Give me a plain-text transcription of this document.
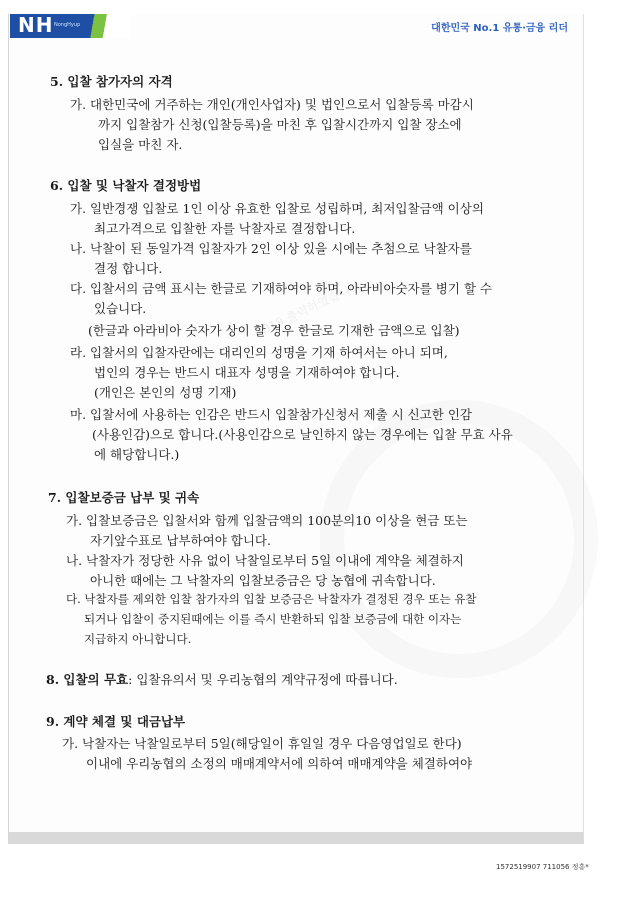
NH NongHyup	대한민국 No.1 유통·금융 리더
2019 출력하였습니다
5. 입찰 참가자의 자격
가. 대한민국에 거주하는 개인(개인사업자) 및 법인으로서 입찰등록 마감시
까지 입찰참가 신청(입찰등록)을 마친 후 입찰시간까지 입찰 장소에
입실을 마친 자.
6. 입찰 및 낙찰자 결정방법
가. 일반경쟁 입찰로 1인 이상 유효한 입찰로 성립하며, 최저입찰금액 이상의
최고가격으로 입찰한 자를 낙찰자로 결정합니다.
나. 낙찰이 된 동일가격 입찰자가 2인 이상 있을 시에는 추첨으로 낙찰자를
결정 합니다.
다. 입찰서의 금액 표시는 한글로 기재하여야 하며, 아라비아숫자를 병기 할 수
있습니다.
(한글과 아라비아 숫자가 상이 할 경우 한글로 기재한 금액으로 입찰)
라. 입찰서의 입찰자란에는 대리인의 성명을 기재 하여서는 아니 되며,
법인의 경우는 반드시 대표자 성명을 기재하여야 합니다.
(개인은 본인의 성명 기재)
마. 입찰서에 사용하는 인감은 반드시 입찰참가신청서 제출 시 신고한 인감
(사용인감)으로 합니다.(사용인감으로 날인하지 않는 경우에는 입찰 무효 사유
에 해당합니다.)
7. 입찰보증금 납부 및 귀속
가. 입찰보증금은 입찰서와 함께 입찰금액의 100분의10 이상을 현금 또는
자기앞수표로 납부하여야 합니다.
나. 낙찰자가 정당한 사유 없이 낙찰일로부터 5일 이내에 계약을 체결하지
아니한 때에는 그 낙찰자의 입찰보증금은 당 농협에 귀속합니다.
다. 낙찰자를 제외한 입찰 참가자의 입찰 보증금은 낙찰자가 결정된 경우 또는 유찰
되거나 입찰이 중지된때에는 이를 즉시 반환하되 입찰 보증금에 대한 이자는
지급하지 아니합니다.
8. 입찰의 무효: 입찰유의서 및 우리농협의 계약규정에 따릅니다.
9. 계약 체결 및 대금납부
가. 낙찰자는 낙찰일로부터 5일(해당일이 휴일일 경우 다음영업일로 한다)
이내에 우리농협의 소정의 매매계약서에 의하여 매매계약을 체결하여야
1572519907 711056 정흥*
